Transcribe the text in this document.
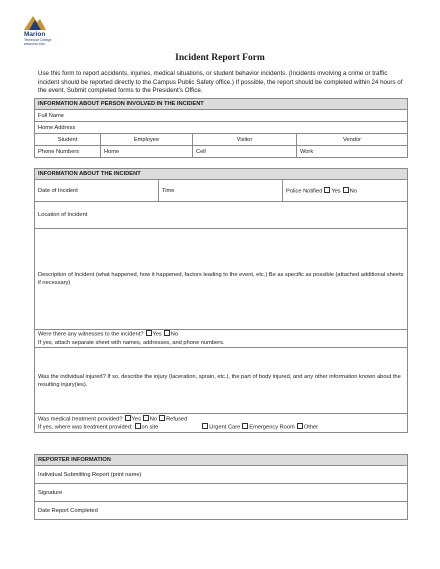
Marion
Technical College
www.mtc.edu
Incident Report Form
Use this form to report accidents, injuries, medical situations, or student behavior incidents. (Incidents involving a crime or traffic incident should be reported directly to the Campus Public Safety office.) If possible, the report should be completed within 24 hours of the event. Submit completed forms to the President’s Office.
INFORMATION ABOUT PERSON INVOLVED IN THE INCIDENT			
Full Name			
Home Address			
Student	Employee	Visitor	Vendor
Phone Numbers	Home	Cell	Work
INFORMATION ABOUT THE INCIDENT
Date of Incident	Time	Police Notified Yes No
Location of Incident
Description of Incident (what happened, how it happened, factors leading to the event, etc.) Be as specific as possible (attached additional sheets if necessary)
Were there any witnesses to the incident? Yes No
If yes, attach separate sheet with names, addresses, and phone numbers.
Was the individual injured? If so, describe the injury (laceration, sprain, etc.), the part of body injured, and any other information known about the resulting injury(ies).
Was medical treatment provided? Yes No Refused
If yes, where was treatment provided: on site	Urgent Care Emergency Room Other
REPORTER INFORMATION
Individual Submitting Report (print name)
Signature
Date Report Completed
